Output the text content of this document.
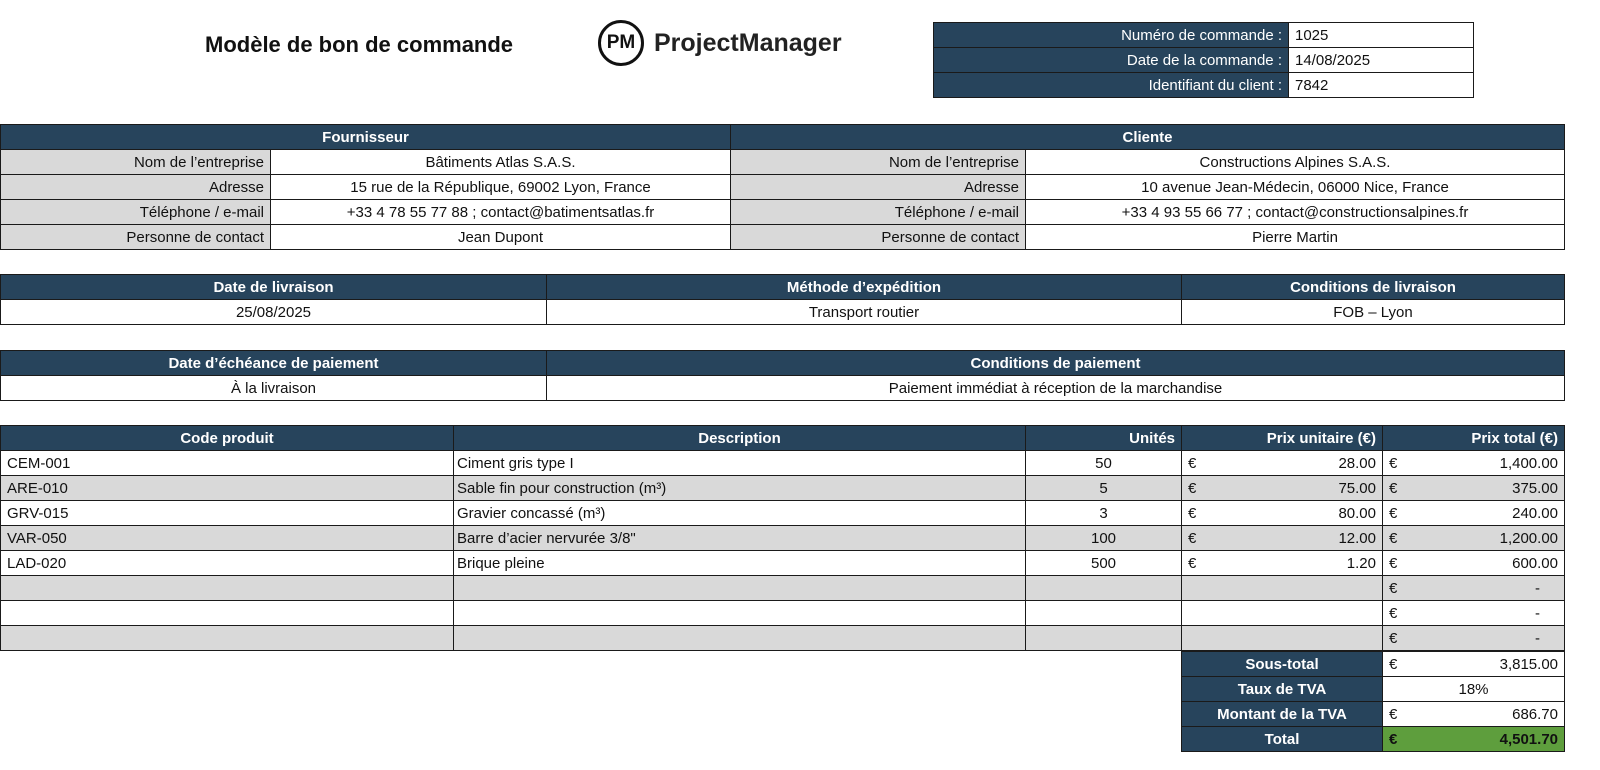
Modèle de bon de commande	PM ProjectManager	Numéro de commande :	1025
Date de la commande :	14/08/2025
Identifiant du client :	7842
Fournisseur		Cliente	
Nom de l’entreprise	Bâtiments Atlas S.A.S.	Nom de l’entreprise	Constructions Alpines S.A.S.
Adresse	15 rue de la République, 69002 Lyon, France	Adresse	10 avenue Jean-Médecin, 06000 Nice, France
Téléphone / e-mail	+33 4 78 55 77 88 ; contact@batimentsatlas.fr	Téléphone / e-mail	+33 4 93 55 66 77 ; contact@constructionsalpines.fr
Personne de contact	Jean Dupont	Personne de contact	Pierre Martin
Date de livraison	Méthode d’expédition	Conditions de livraison
25/08/2025	Transport routier	FOB – Lyon
Date d’échéance de paiement	Conditions de paiement
À la livraison	Paiement immédiat à réception de la marchandise
Code produit	Description	Unités	Prix unitaire (€)	Prix total (€)
CEM-001	Ciment gris type I	50	€ 28.00	€ 1,400.00

ARE-010	Sable fin pour construction (m³)	5	€ 75.00	€ 375.00

GRV-015	Gravier concassé (m³)	3	€ 80.00	€ 240.00

VAR-050	Barre d’acier nervurée 3/8"	100	€ 12.00	€ 1,200.00

LAD-020	Brique pleine	500	€ 1.20	€ 600.00

				€ -

				€ -

				€ -
Sous-total	€ 3,815.00

Taux de TVA	18%
Montant de la TVA	€ 686.70

Total	€ 4,501.70
